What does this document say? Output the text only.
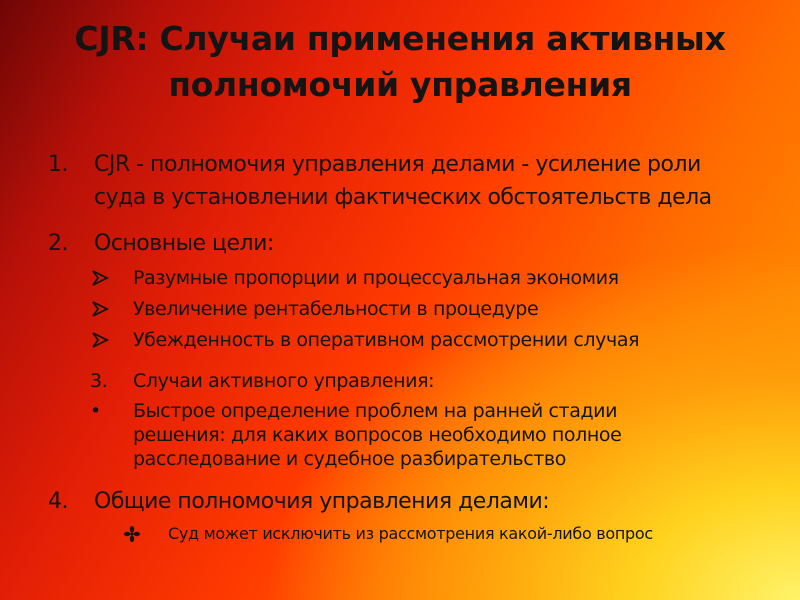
CJR: Случаи применения активных
полномочий управления
1.	CJR - полномочия управления делами - усиление роли
суда в установлении фактических обстоятельств дела
2.	Основные цели:
Разумные пропорции и процессуальная экономия
Увеличение рентабельности в процедуре
Убежденность в оперативном рассмотрении случая
3.	Случаи активного управления:
•	Быстрое определение проблем на ранней стадии
решения: для каких вопросов необходимо полное
расследование и судебное разбирательство
4.	Общие полномочия управления делами:
Суд может исключить из рассмотрения какой-либо вопрос
